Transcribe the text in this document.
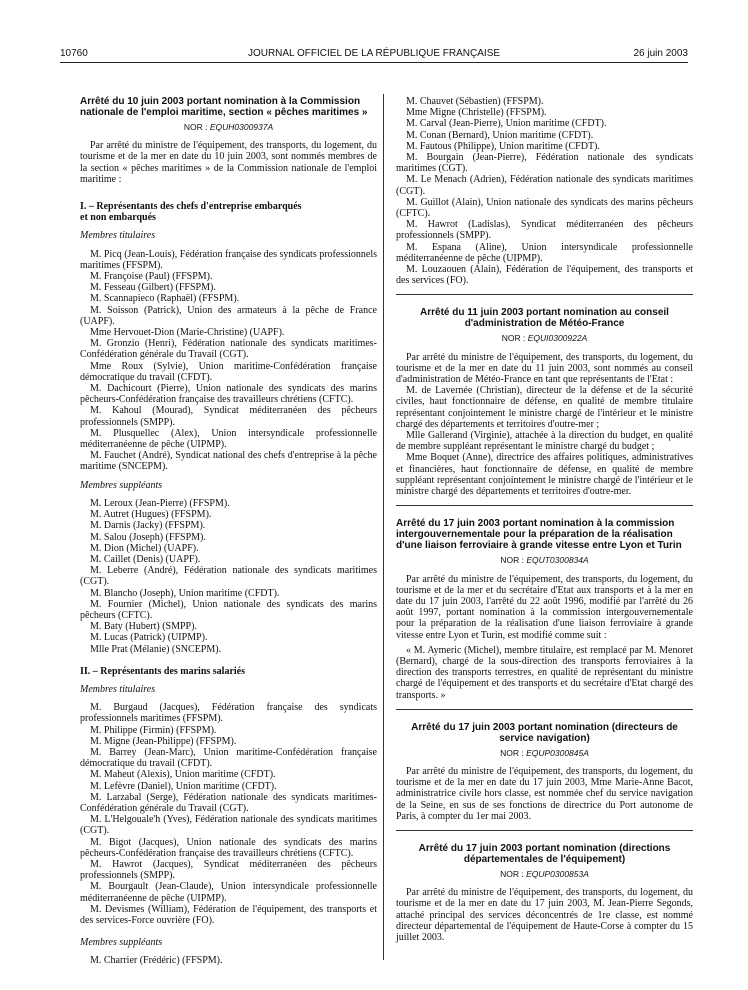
10760	JOURNAL OFFICIEL DE LA RÉPUBLIQUE FRANÇAISE	26 juin 2003

Arrêté du 10 juin 2003 portant nomination à la Commission nationale de l'emploi maritime, section « pêches maritimes »

NOR : EQUH0300937A

Par arrêté du ministre de l'équipement, des transports, du logement, du tourisme et de la mer en date du 10 juin 2003, sont nommés membres de la section « pêches maritimes » de la Commission nationale de l'emploi maritime :

I. – Représentants des chefs d'entreprise embarqués

et non embarqués

Membres titulaires

M. Picq (Jean-Louis), Fédération française des syndicats professionnels maritimes (FFSPM).

M. Françoise (Paul) (FFSPM).

M. Fesseau (Gilbert) (FFSPM).

M. Scannapieco (Raphaël) (FFSPM).

M. Soisson (Patrick), Union des armateurs à la pêche de France (UAPF).

Mme Hervouet-Dion (Marie-Christine) (UAPF).

M. Gronzio (Henri), Fédération nationale des syndicats maritimes-Confédération générale du Travail (CGT).

Mme Roux (Sylvie), Union maritime-Confédération française démocratique du travail (CFDT).

M. Dachicourt (Pierre), Union nationale des syndicats des marins pêcheurs-Confédération française des travailleurs chrétiens (CFTC).

M. Kahoul (Mourad), Syndicat méditerranéen des pêcheurs professionnels (SMPP).

M. Plusquellec (Alex), Union intersyndicale professionnelle méditerranéenne de pêche (UIPMP).

M. Fauchet (André), Syndicat national des chefs d'entreprise à la pêche maritime (SNCEPM).

Membres suppléants

M. Leroux (Jean-Pierre) (FFSPM).

M. Autret (Hugues) (FFSPM).

M. Darnis (Jacky) (FFSPM).

M. Salou (Joseph) (FFSPM).

M. Dion (Michel) (UAPF).

M. Caillet (Denis) (UAPF).

M. Leberre (André), Fédération nationale des syndicats maritimes (CGT).

M. Blancho (Joseph), Union maritime (CFDT).

M. Fournier (Michel), Union nationale des syndicats des marins pêcheurs (CFTC).

M. Baty (Hubert) (SMPP).

M. Lucas (Patrick) (UIPMP).

Mlle Prat (Mélanie) (SNCEPM).

II. – Représentants des marins salariés

Membres titulaires

M. Burgaud (Jacques), Fédération française des syndicats professionnels maritimes (FFSPM).

M. Philippe (Firmin) (FFSPM).

M. Migne (Jean-Philippe) (FFSPM).

M. Barrey (Jean-Marc), Union maritime-Confédération française démocratique du travail (CFDT).

M. Maheut (Alexis), Union maritime (CFDT).

M. Lefèvre (Daniel), Union maritime (CFDT).

M. Larzabal (Serge), Fédération nationale des syndicats maritimes-Confédération générale du Travail (CGT).

M. L'Helgouale'h (Yves), Fédération nationale des syndicats maritimes (CGT).

M. Bigot (Jacques), Union nationale des syndicats des marins pêcheurs-Confédération française des travailleurs chrétiens (CFTC).

M. Hawrot (Jacques), Syndicat méditerranéen des pêcheurs professionnels (SMPP).

M. Bourgault (Jean-Claude), Union intersyndicale professionnelle méditerranéenne de pêche (UIPMP).

M. Devismes (William), Fédération de l'équipement, des transports et des services-Force ouvrière (FO).

Membres suppléants

M. Charrier (Frédéric) (FFSPM).

M. Chauvet (Sébastien) (FFSPM).

Mme Migne (Christelle) (FFSPM).

M. Carval (Jean-Pierre), Union maritime (CFDT).

M. Conan (Bernard), Union maritime (CFDT).

M. Fautous (Philippe), Union maritime (CFDT).

M. Bourgain (Jean-Pierre), Fédération nationale des syndicats maritimes (CGT).

M. Le Menach (Adrien), Fédération nationale des syndicats maritimes (CGT).

M. Guillot (Alain), Union nationale des syndicats des marins pêcheurs (CFTC).

M. Hawrot (Ladislas), Syndicat méditerranéen des pêcheurs professionnels (SMPP).

M. Espana (Aline), Union intersyndicale professionnelle méditerranéenne de pêche (UIPMP).

M. Louzaouen (Alain), Fédération de l'équipement, des transports et des services (FO).

Arrêté du 11 juin 2003 portant nomination au conseil d'administration de Météo-France

NOR : EQUI0300922A

Par arrêté du ministre de l'équipement, des transports, du logement, du tourisme et de la mer en date du 11 juin 2003, sont nommés au conseil d'administration de Météo-France en tant que représentants de l'Etat :

M. de Lavernée (Christian), directeur de la défense et de la sécurité civiles, haut fonctionnaire de défense, en qualité de membre titulaire représentant conjointement le ministre chargé de l'intérieur et le ministre chargé des départements et territoires d'outre-mer ;

Mlle Gallerand (Virginie), attachée à la direction du budget, en qualité de membre suppléant représentant le ministre chargé du budget ;

Mme Boquet (Anne), directrice des affaires politiques, administratives et financières, haut fonctionnaire de défense, en qualité de membre suppléant représentant conjointement le ministre chargé de l'intérieur et le ministre chargé des départements et territoires d'outre-mer.

Arrêté du 17 juin 2003 portant nomination à la commission intergouvernementale pour la préparation de la réalisation d'une liaison ferroviaire à grande vitesse entre Lyon et Turin

NOR : EQUT0300834A

Par arrêté du ministre de l'équipement, des transports, du logement, du tourisme et de la mer et du secrétaire d'Etat aux transports et à la mer en date du 17 juin 2003, l'arrêté du 22 août 1996, modifié par l'arrêté du 26 août 1997, portant nomination à la commission intergouvernementale pour la préparation de la réalisation d'une liaison ferroviaire à grande vitesse entre Lyon et Turin, est modifié comme suit :

« M. Aymeric (Michel), membre titulaire, est remplacé par M. Menoret (Bernard), chargé de la sous-direction des transports ferroviaires à la direction des transports terrestres, en qualité de représentant du ministre chargé de l'équipement et des transports et du secrétaire d'Etat chargé des transports. »

Arrêté du 17 juin 2003 portant nomination (directeurs de service navigation)

NOR : EQUP0300845A

Par arrêté du ministre de l'équipement, des transports, du logement, du tourisme et de la mer en date du 17 juin 2003, Mme Marie-Anne Bacot, administratrice civile hors classe, est nommée chef du service navigation de la Seine, en sus de ses fonctions de directrice du Port autonome de Paris, à compter du 1er mai 2003.

Arrêté du 17 juin 2003 portant nomination (directions départementales de l'équipement)

NOR : EQUP0300853A

Par arrêté du ministre de l'équipement, des transports, du logement, du tourisme et de la mer en date du 17 juin 2003, M. Jean-Pierre Segonds, attaché principal des services déconcentrés de 1re classe, est nommé directeur départemental de l'équipement de Haute-Corse à compter du 15 juillet 2003.
